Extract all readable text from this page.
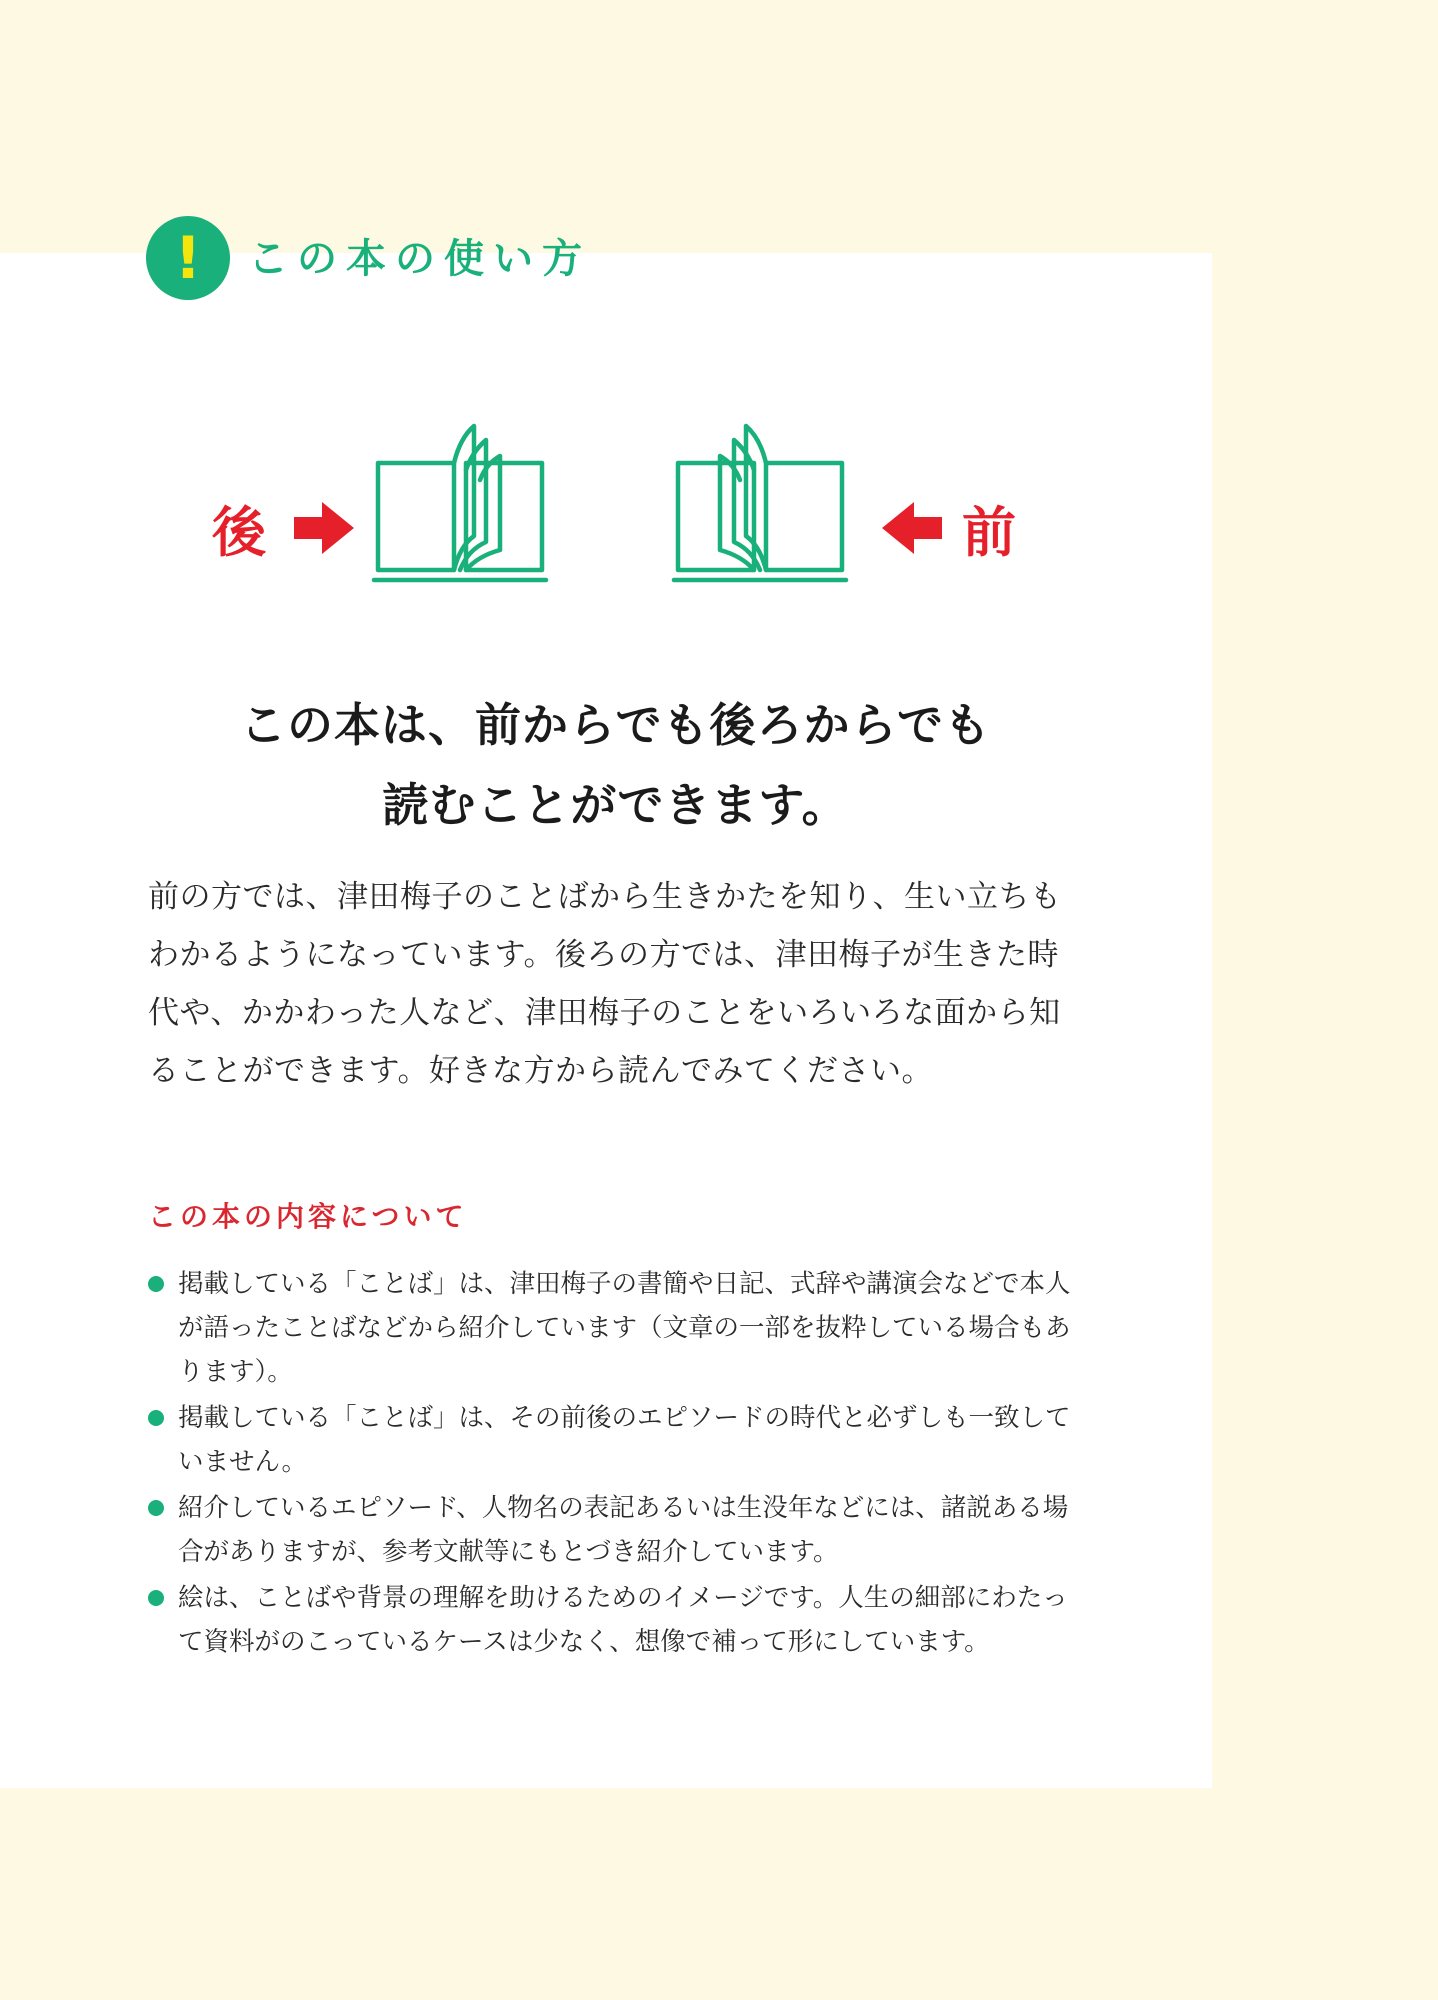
! この本の使い方
後	前
この本は、前からでも後ろからでも
読むことができます。
前の方では、津田梅子のことばから生きかたを知り、生い立ちもわかるようになっています。後ろの方では、津田梅子が生きた時代や、かかわった人など、津田梅子のことをいろいろな面から知ることができます。好きな方から読んでみてください。
この本の内容について
掲載している「ことば」は、津田梅子の書簡や日記、式辞や講演会などで本人が語ったことばなどから紹介しています（文章の一部を抜粋している場合もあります）。
掲載している「ことば」は、その前後のエピソードの時代と必ずしも一致していません。
紹介しているエピソード、人物名の表記あるいは生没年などには、諸説ある場合がありますが、参考文献等にもとづき紹介しています。
絵は、ことばや背景の理解を助けるためのイメージです。人生の細部にわたって資料がのこっているケースは少なく、想像で補って形にしています。
